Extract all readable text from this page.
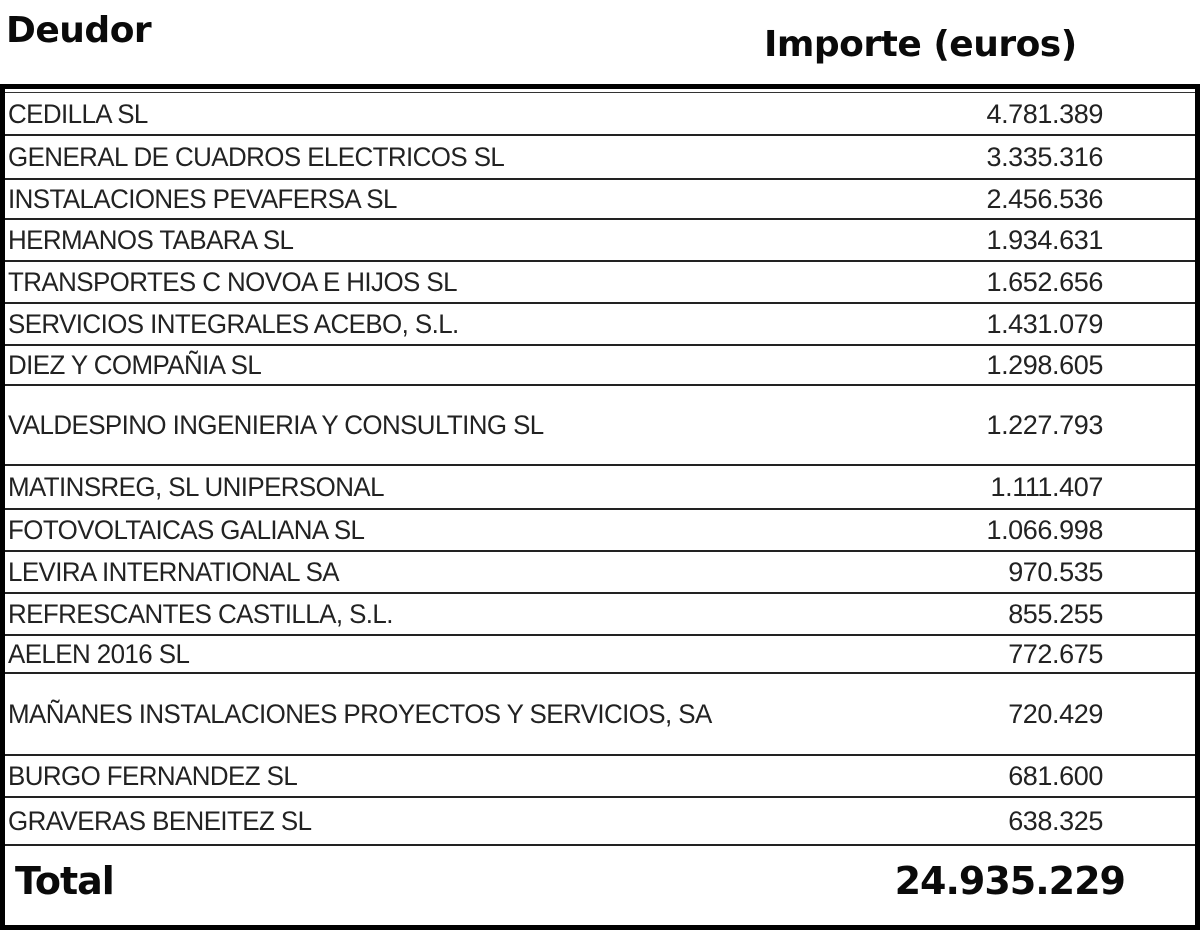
Deudor	Importe (euros)
CEDILLA SL	4.781.389
GENERAL DE CUADROS ELECTRICOS SL	3.335.316
INSTALACIONES PEVAFERSA SL	2.456.536
HERMANOS TABARA SL	1.934.631
TRANSPORTES C NOVOA E HIJOS SL	1.652.656
SERVICIOS INTEGRALES ACEBO, S.L.	1.431.079
DIEZ Y COMPAÑIA SL	1.298.605
VALDESPINO INGENIERIA Y CONSULTING SL	1.227.793
MATINSREG, SL UNIPERSONAL	1.111.407
FOTOVOLTAICAS GALIANA SL	1.066.998
LEVIRA INTERNATIONAL SA	970.535
REFRESCANTES CASTILLA, S.L.	855.255
AELEN 2016 SL	772.675
MAÑANES INSTALACIONES PROYECTOS Y SERVICIOS, SA	720.429
BURGO FERNANDEZ SL	681.600
GRAVERAS BENEITEZ SL	638.325
Total	24.935.229
